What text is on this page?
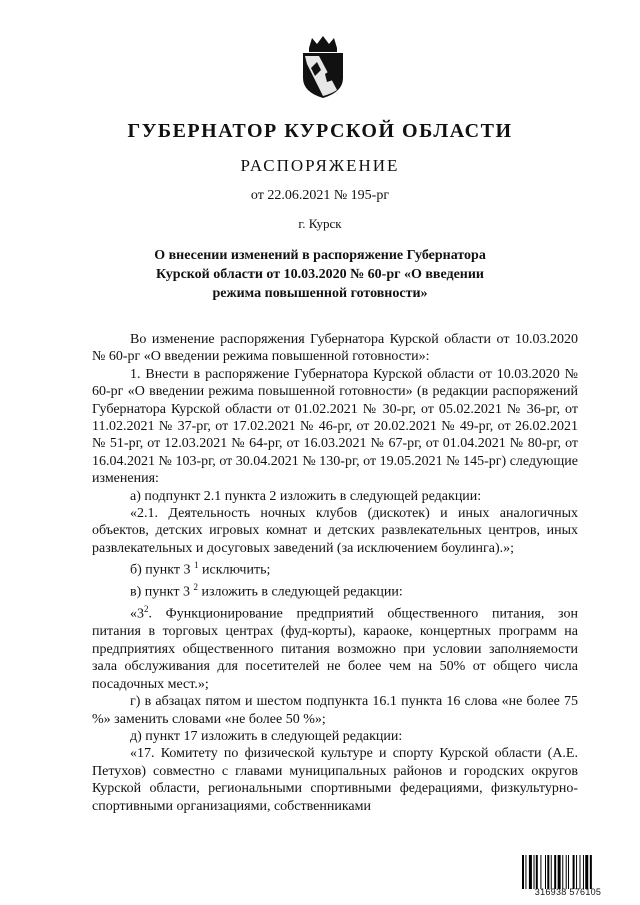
ГУБЕРНАТОР КУРСКОЙ ОБЛАСТИ
РАСПОРЯЖЕНИЕ
от 22.06.2021 № 195-рг
г. Курск
О внесении изменений в распоряжение Губернатора
Курской области от 10.03.2020 № 60-рг «О введении
режима повышенной готовности»

Во изменение распоряжения Губернатора Курской области от 10.03.2020 № 60-рг «О введении режима повышенной готовности»:

1. Внести в распоряжение Губернатора Курской области от 10.03.2020 № 60-рг «О введении режима повышенной готовности» (в редакции распоряжений Губернатора Курской области от 01.02.2021 № 30-рг, от 05.02.2021 № 36-рг, от 11.02.2021 № 37-рг, от 17.02.2021 № 46-рг, от 20.02.2021 № 49-рг, от 26.02.2021 № 51-рг, от 12.03.2021 № 64-рг, от 16.03.2021 № 67-рг, от 01.04.2021 № 80-рг, от 16.04.2021 № 103-рг, от 30.04.2021 № 130-рг, от 19.05.2021 № 145-рг) следующие изменения:

а) подпункт 2.1 пункта 2 изложить в следующей редакции:

«2.1. Деятельность ночных клубов (дискотек) и иных аналогичных объектов, детских игровых комнат и детских развлекательных центров, иных развлекательных и досуговых заведений (за исключением боулинга).»;

б) пункт 3 $^1$ исключить;

в) пункт 3 $^2$ изложить в следующей редакции:

«$3^2$. Функционирование предприятий общественного питания, зон питания в торговых центрах (фуд-корты), караоке, концертных программ на предприятиях общественного питания возможно при условии заполняемости зала обслуживания для посетителей не более чем на 50% от общего числа посадочных мест.»;

г) в абзацах пятом и шестом подпункта 16.1 пункта 16 слова «не более 75 %» заменить словами «не более 50 %»;

д) пункт 17 изложить в следующей редакции:

«17. Комитету по физической культуре и спорту Курской области (А.Е. Петухов) совместно с главами муниципальных районов и городских округов Курской области, региональными спортивными федерациями, физкультурно-спортивными организациями, собственниками

316938 576105
